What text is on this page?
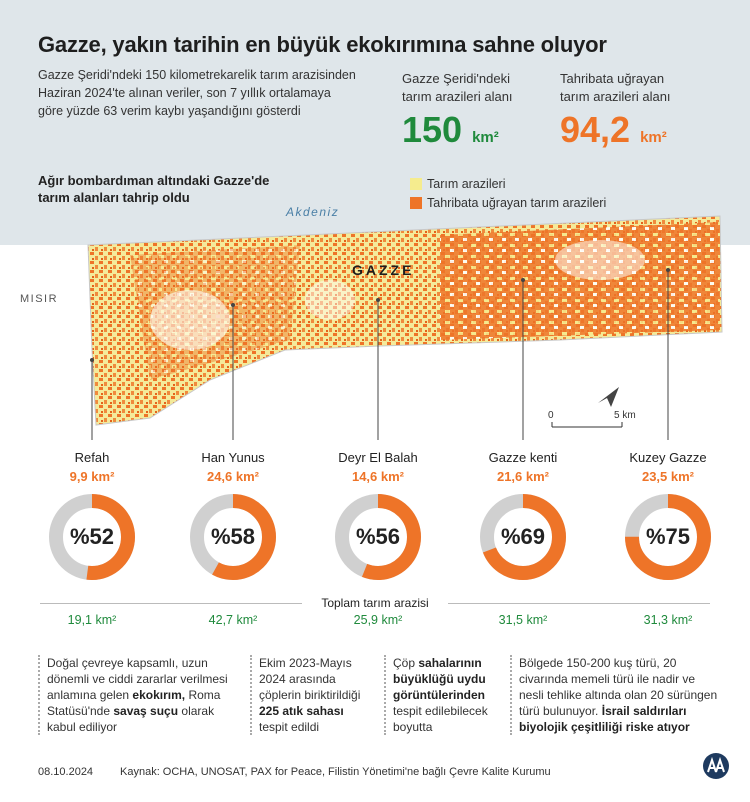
Gazze, yakın tarihin en büyük ekokırımına sahne oluyor

Gazze Şeridi'ndeki 150 kilometrekarelik tarım arazisinden Haziran 2024'te alınan veriler, son 7 yıllık ortalamaya göre yüzde 63 verim kaybı yaşandığını gösterdi

Gazze Şeridi'ndeki
tarım arazileri alanı
150 km²
Tahribata uğrayan
tarım arazileri alanı
94,2 km²
Ağır bombardıman altındaki Gazze'de tarım alanları tahrip oldu
Tarım arazileri
Tahribata uğrayan tarım arazileri
Akdeniz
MISIR
GAZZE
0	5 km
Refah
9,9 km²
Han Yunus
24,6 km²
Deyr El Balah
14,6 km²
Gazze kenti
21,6 km²
Kuzey Gazze
23,5 km²
%52	%58	%56	%69	%75
Toplam tarım arazisi
19,1 km²	42,7 km²	25,9 km²	31,5 km²	31,3 km²
Doğal çevreye kapsamlı, uzun dönemli ve ciddi zararlar verilmesi anlamına gelen ekokırım, Roma Statüsü'nde savaş suçu olarak kabul ediliyor
Ekim 2023-Mayıs 2024 arasında çöplerin biriktirildiği 225 atık sahası tespit edildi
Çöp sahalarının büyüklüğü uydu görüntülerinden tespit edilebilecek boyutta
Bölgede 150-200 kuş türü, 20 civarında memeli türü ile nadir ve nesli tehlike altında olan 20 sürüngen türü bulunuyor. İsrail saldırıları biyolojik çeşitliliği riske atıyor
08.10.2024 Kaynak: OCHA, UNOSAT, PAX for Peace, Filistin Yönetimi'ne bağlı Çevre Kalite Kurumu
